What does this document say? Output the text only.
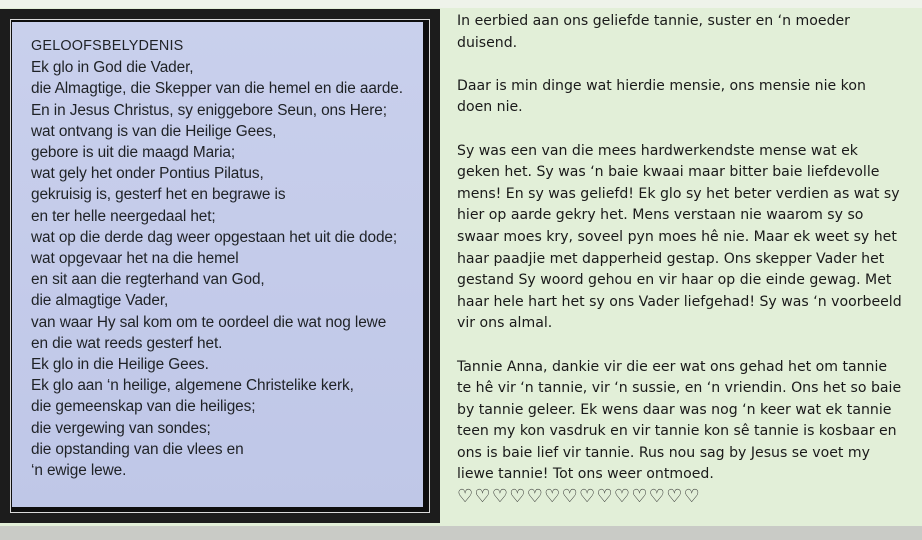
GELOOFSBELYDENIS
Ek glo in God die Vader,
die Almagtige, die Skepper van die hemel en die aarde.
En in Jesus Christus, sy eniggebore Seun, ons Here;
wat ontvang is van die Heilige Gees,
gebore is uit die maagd Maria;
wat gely het onder Pontius Pilatus,
gekruisig is, gesterf het en begrawe is
en ter helle neergedaal het;
wat op die derde dag weer opgestaan het uit die dode;
wat opgevaar het na die hemel
en sit aan die regterhand van God,
die almagtige Vader,
van waar Hy sal kom om te oordeel die wat nog lewe
en die wat reeds gesterf het.
Ek glo in die Heilige Gees.
Ek glo aan ‘n heilige, algemene Christelike kerk,
die gemeenskap van die heiliges;
die vergewing van sondes;
die opstanding van die vlees en
‘n ewige lewe.

In eerbied aan ons geliefde tannie, suster en ‘n moeder
duisend.

Daar is min dinge wat hierdie mensie, ons mensie nie kon
doen nie.

Sy was een van die mees hardwerkendste mense wat ek
geken het. Sy was ‘n baie kwaai maar bitter baie liefdevolle
mens! En sy was geliefd! Ek glo sy het beter verdien as wat sy
hier op aarde gekry het. Mens verstaan nie waarom sy so
swaar moes kry, soveel pyn moes hê nie. Maar ek weet sy het
haar paadjie met dapperheid gestap. Ons skepper Vader het
gestand Sy woord gehou en vir haar op die einde gewag. Met
haar hele hart het sy ons Vader liefgehad! Sy was ‘n voorbeeld
vir ons almal.

Tannie Anna, dankie vir die eer wat ons gehad het om tannie
te hê vir ‘n tannie, vir ‘n sussie, en ‘n vriendin. Ons het so baie
by tannie geleer. Ek wens daar was nog ‘n keer wat ek tannie
teen my kon vasdruk en vir tannie kon sê tannie is kosbaar en
ons is baie lief vir tannie. Rus nou sag by Jesus se voet my
liewe tannie! Tot ons weer ontmoed.

♡♡♡♡♡♡♡♡♡♡♡♡♡♡
